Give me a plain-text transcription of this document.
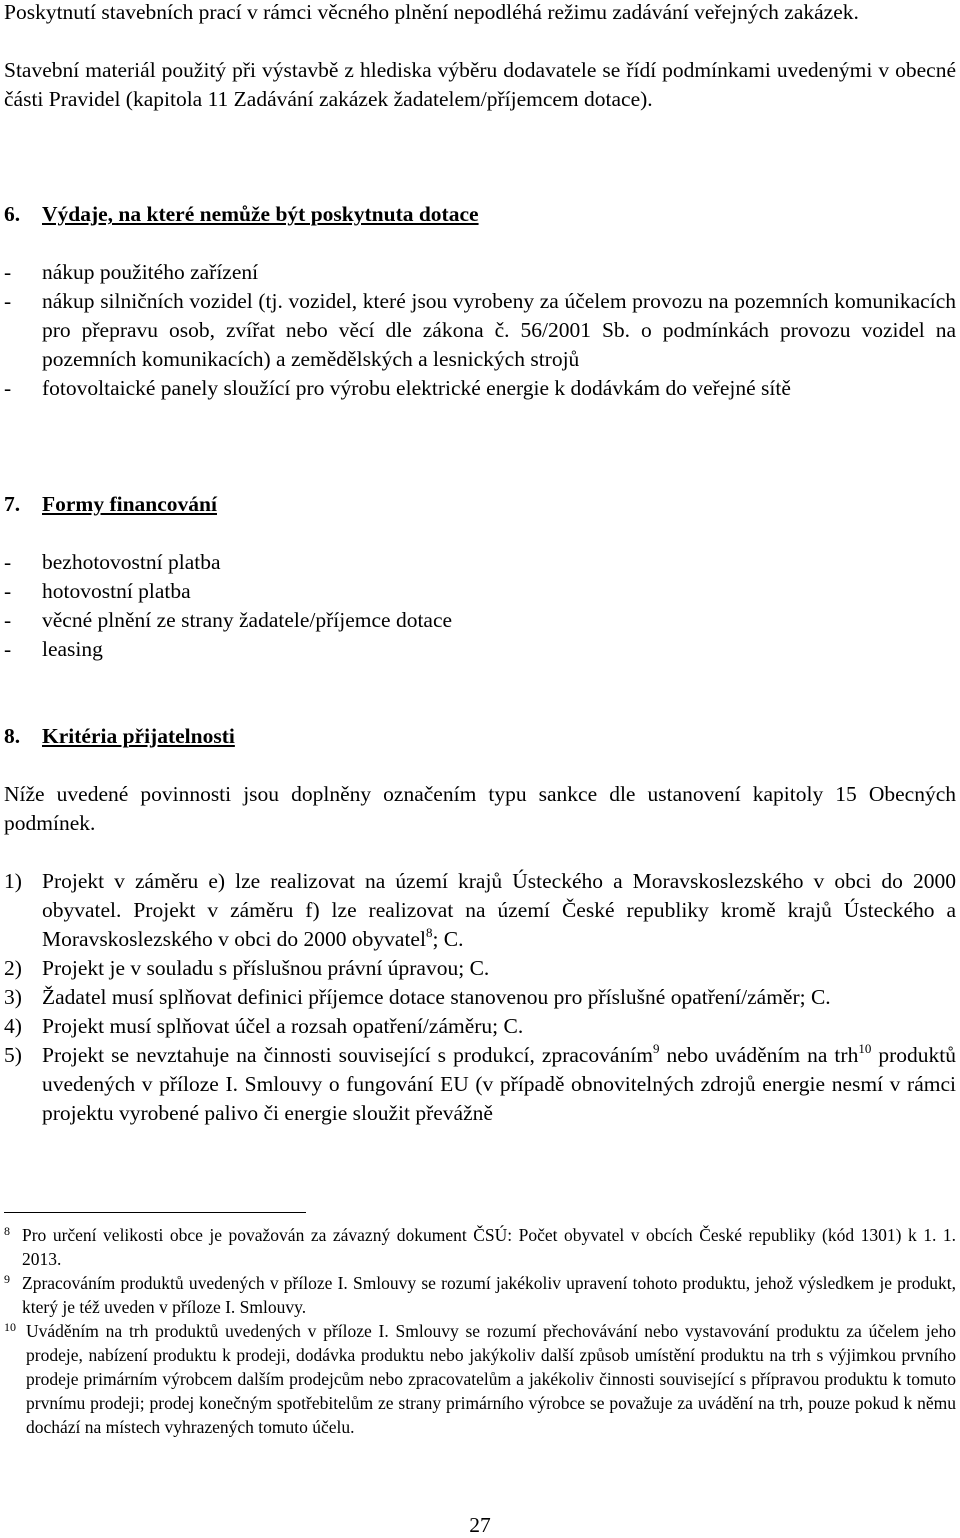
Poskytnutí stavebních prací v rámci věcného plnění nepodléhá režimu zadávání veřejných zakázek.
Stavební materiál použitý při výstavbě z hlediska výběru dodavatele se řídí podmínkami uvedenými v obecné části Pravidel (kapitola 11 Zadávání zakázek žadatelem/příjemcem dotace).
6. Výdaje, na které nemůže být poskytnuta dotace
- nákup použitého zařízení
- nákup silničních vozidel (tj. vozidel, které jsou vyrobeny za účelem provozu na pozemních komunikacích pro přepravu osob, zvířat nebo věcí dle zákona č. 56/2001 Sb. o podmínkách provozu vozidel na pozemních komunikacích) a zemědělských a lesnických strojů
- fotovoltaické panely sloužící pro výrobu elektrické energie k dodávkám do veřejné sítě
7. Formy financování
- bezhotovostní platba
- hotovostní platba
- věcné plnění ze strany žadatele/příjemce dotace
- leasing
8. Kritéria přijatelnosti
Níže uvedené povinnosti jsou doplněny označením typu sankce dle ustanovení kapitoly 15 Obecných podmínek.
1) Projekt v záměru e) lze realizovat na území krajů Ústeckého a Moravskoslezského v obci do 2000 obyvatel. Projekt v záměru f) lze realizovat na území České republiky kromě krajů Ústeckého a Moravskoslezského v obci do 2000 obyvatel$^8$; C.
2) Projekt je v souladu s příslušnou právní úpravou; C.
3) Žadatel musí splňovat definici příjemce dotace stanovenou pro příslušné opatření/záměr; C.
4) Projekt musí splňovat účel a rozsah opatření/záměru; C.
5) Projekt se nevztahuje na činnosti související s produkcí, zpracováním$^9$ nebo uváděním na trh$^{10}$ produktů uvedených v příloze I. Smlouvy o fungování EU (v případě obnovitelných zdrojů energie nesmí v rámci projektu vyrobené palivo či energie sloužit převážně
8 Pro určení velikosti obce je považován za závazný dokument ČSÚ: Počet obyvatel v obcích České republiky (kód 1301) k 1. 1. 2013.
9 Zpracováním produktů uvedených v příloze I. Smlouvy se rozumí jakékoliv upravení tohoto produktu, jehož výsledkem je produkt, který je též uveden v příloze I. Smlouvy.
10 Uváděním na trh produktů uvedených v příloze I. Smlouvy se rozumí přechovávání nebo vystavování produktu za účelem jeho prodeje, nabízení produktu k prodeji, dodávka produktu nebo jakýkoliv další způsob umístění produktu na trh s výjimkou prvního prodeje primárním výrobcem dalším prodejcům nebo zpracovatelům a jakékoliv činnosti související s přípravou produktu k tomuto prvnímu prodeji; prodej konečným spotřebitelům ze strany primárního výrobce se považuje za uvádění na trh, pouze pokud k němu dochází na místech vyhrazených tomuto účelu.
27
